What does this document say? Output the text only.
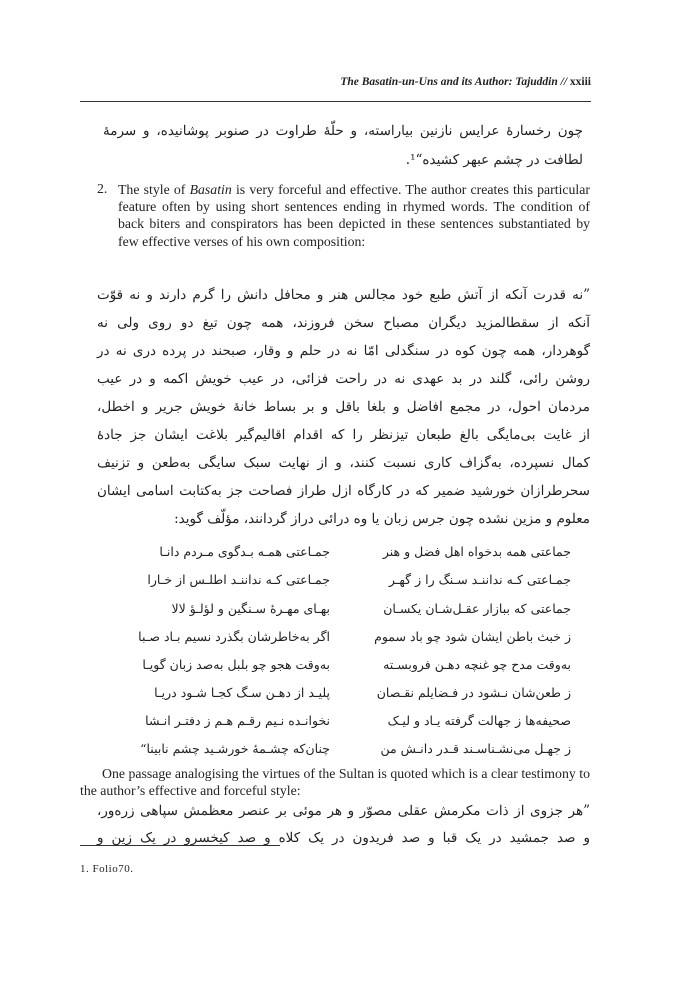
The Basatin-un-Uns and its Author: Tajuddin // xxiii
چون رخسارۀ عرایس نازنین بیاراسته، و حلّۀ طراوت در صنوبر پوشانیده، و سرمۀ
لطافت در چشم عبهر کشیده“¹.
2. The style of Basatin is very forceful and effective. The author creates this particular feature often by using short sentences ending in rhymed words. The condition of back biters and conspirators has been depicted in these sentences substantiated by few effective verses of his own composition:
”نه قدرت آنکه از آتش طبع خود مجالس هنر و محافل دانش را گرم دارند و نه قوّت
آنکه از سقطالمزید دیگران مصباح سخن فروزند، همه چون تیغ دو روی ولی نه
گوهردار، همه چون کوه در سنگدلی امّا نه در حلم و وقار، صبحند در پرده دری نه در
روشن رائی، گلند در بد عهدی نه در راحت فزائی، در عیب خویش اکمه و در عیب
مردمان احول، در مجمع افاضل و بلغا باقل و بر بساط خانۀ خویش جریر و اخطل،
از غایت بی‌مایگی بالغ طبعان تیزنظر را که اقدام اقالیم‌گیر بلاغت ایشان جز جادۀ
کمال نسپرده، به‌گزاف کاری نسبت کنند، و از نهایت سبک سایگی به‌طعن و تزنیف
سحرطرازان خورشید ضمیر که در کارگاه ازل طراز فصاحت جز به‌کتابت اسامی ایشان
معلوم و مزین نشده چون جرس زبان یا وه درائی دراز گردانند، مؤلّف گوید:
جماعتی همه بدخواه اهل فضل و هنر
جمـاعتی همـه بـدگوی مـردم دانـا
جمـاعتی کـه نداننـد سـنگ را ز گهـر
جمـاعتی کـه نداننـد اطلـس از خـارا
جماعتی که ببازار عقـل‌شـان یکسـان
بهـای مهـرۀ سـنگین و لؤلـؤ لالا
ز خبث باطن ایشان شود چو باد سموم
اگر به‌خاطرشان بگذرد نسیم بـاد صـبا
به‌وقت مدح چو غنچه دهـن فروبسـته
به‌وقت هجو چو بلبل به‌صد زبان گویـا
ز طعن‌شان نـشود در فـضایلم نقـصان
پلیـد از دهـن سـگ کجـا شـود دریـا
صحیفه‌ها ز جهالت گرفته یـاد و لیـک
نخوانـده نـیم رقـم هـم ز دفتـر انـشا
ز جهـل می‌نشـناسـند قـدر دانـش من
چنان‌که چشـمۀ خورشـید چشم نابینا“
One passage analogising the virtues of the Sultan is quoted which is a clear testimony to the author’s effective and forceful style:
”هر جزوی از ذات مکرمش عقلی مصوّر و هر موئی بر عنصر معظمش سپاهی زره‌ور،
و صد جمشید در یک قبا و صد فریدون در یک کلاه و صد کیخسرو در یک زین و
1. Folio70.
